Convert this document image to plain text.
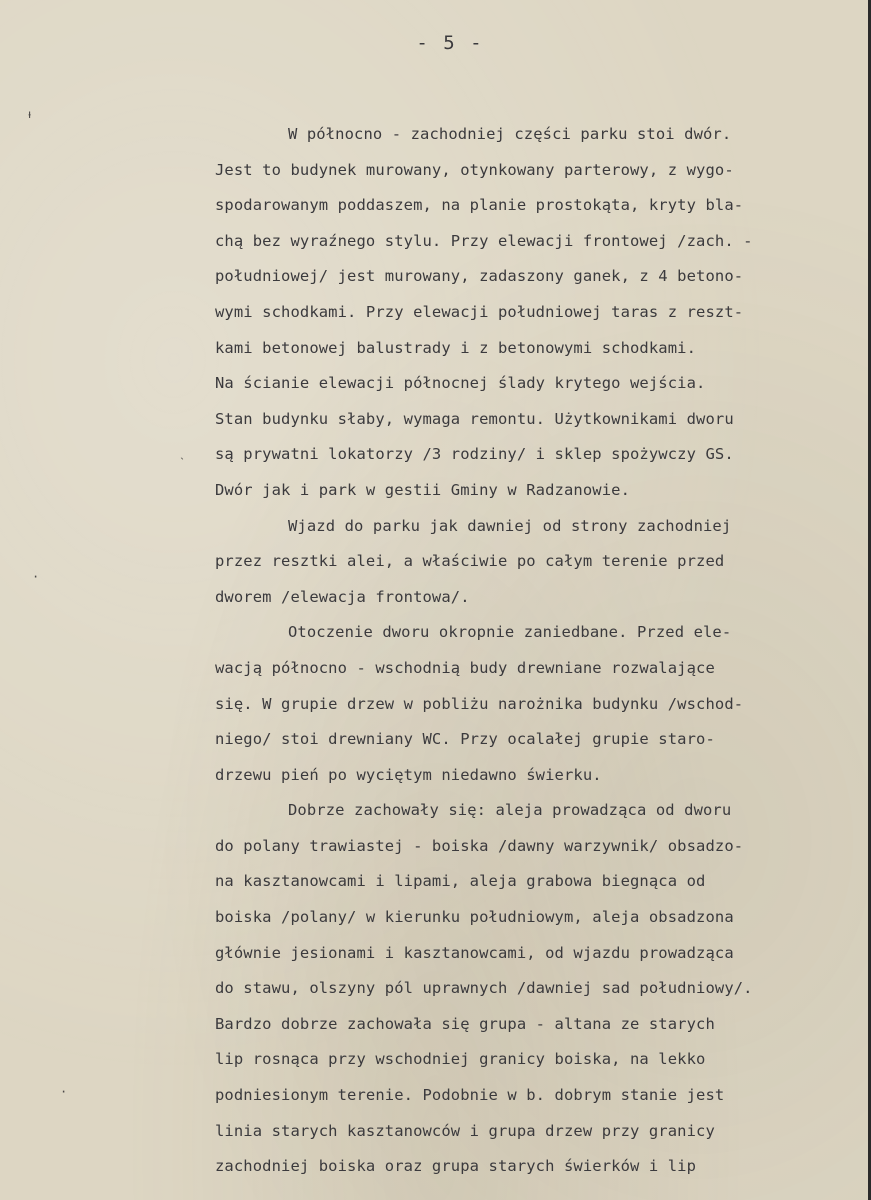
- 5 -
ᵼ
·
˴
·
W północno - zachodniej części parku stoi dwór.
Jest to budynek murowany, otynkowany parterowy, z wygo-
spodarowanym poddaszem, na planie prostokąta, kryty bla-
chą bez wyraźnego stylu. Przy elewacji frontowej /zach. -
południowej/ jest murowany, zadaszony ganek, z 4 betono-
wymi schodkami. Przy elewacji południowej taras z reszt-
kami betonowej balustrady i z betonowymi schodkami.
Na ścianie elewacji północnej ślady krytego wejścia.
Stan budynku słaby, wymaga remontu. Użytkownikami dworu
są prywatni lokatorzy /3 rodziny/ i sklep spożywczy GS.
Dwór jak i park w gestii Gminy w Radzanowie.
Wjazd do parku jak dawniej od strony zachodniej
przez resztki alei, a właściwie po całym terenie przed
dworem /elewacja frontowa/.
Otoczenie dworu okropnie zaniedbane. Przed ele-
wacją północno - wschodnią budy drewniane rozwalające
się. W grupie drzew w pobliżu narożnika budynku /wschod-
niego/ stoi drewniany WC. Przy ocalałej grupie staro-
drzewu pień po wyciętym niedawno świerku.
Dobrze zachowały się: aleja prowadząca od dworu
do polany trawiastej - boiska /dawny warzywnik/ obsadzo-
na kasztanowcami i lipami, aleja grabowa biegnąca od
boiska /polany/ w kierunku południowym, aleja obsadzona
głównie jesionami i kasztanowcami, od wjazdu prowadząca
do stawu, olszyny pól uprawnych /dawniej sad południowy/.
Bardzo dobrze zachowała się grupa - altana ze starych
lip rosnąca przy wschodniej granicy boiska, na lekko
podniesionym terenie. Podobnie w b. dobrym stanie jest
linia starych kasztanowców i grupa drzew przy granicy
zachodniej boiska oraz grupa starych świerków i lip
